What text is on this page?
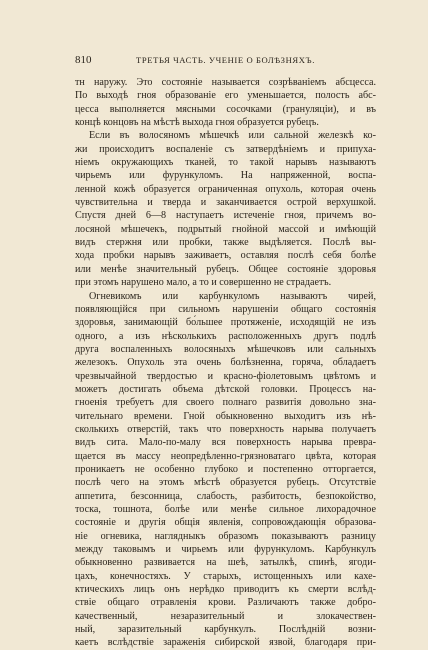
810	ТРЕТЬЯ ЧАСТЬ. УЧЕНІЕ О БОЛѢЗНЯХЪ.
тн наружу. Это состояніе называется созрѣваніемъ абсцесса.
По выходѣ гноя образованіе его уменьшается, полость абс-
цесса выполняется мясными сосочками (грануляціи), и въ
концѣ концовъ на мѣстѣ выхода гноя образуется рубецъ.
Если въ волосяномъ мѣшечкѣ или сальной железкѣ ко-
жи происходитъ воспаленіе съ затвердѣніемъ и припуха-
ніемъ окружающихъ тканей, то такой нарывъ называютъ
чирьемъ или фурункуломъ. На напряженной, воспа-
ленной кожѣ образуется ограниченная опухоль, которая очень
чувствительна и тверда и заканчивается острой верхушкой.
Спустя дней 6—8 наступаетъ истеченіе гноя, причемъ во-
лосяной мѣшечекъ, подрытый гнойной массой и имѣющій
видъ стержня или пробки, также выдѣляется. Послѣ вы-
хода пробки нарывъ заживаетъ, оставляя послѣ себя болѣе
или менѣе значительный рубецъ. Общее состояніе здоровья
при этомъ нарушено мало, а то и совершенно не страдаетъ.
Огневикомъ или карбункуломъ называютъ чирей,
появляющійся при сильномъ нарушеніи общаго состоянія
здоровья, занимающій бо́льшее протяженіе, исходящій не изъ
одного, а изъ нѣсколькихъ расположенныхъ другъ подлѣ
друга воспаленныхъ волосяныхъ мѣшечковъ или сальныхъ
железокъ. Опухоль эта очень болѣзненна, горяча, обладаетъ
чрезвычайной твердостью и красно-фіолетовымъ цвѣтомъ и
можетъ достигать объема дѣтской головки. Процессъ на-
гноенія требуетъ для своего полнаго развитія довольно зна-
чительнаго времени. Гной обыкновенно выходитъ изъ нѣ-
сколькихъ отверстій, такъ что поверхность нарыва получаетъ
видъ сита. Мало-по-малу вся поверхность нарыва превра-
щается въ массу неопредѣленно-грязноватаго цвѣта, которая
проникаетъ не особенно глубоко и постепенно отторгается,
послѣ чего на этомъ мѣстѣ образуется рубецъ. Отсутствіе
аппетита, безсонница, слабость, разбитость, безпокойство,
тоска, тошнота, болѣе или менѣе сильное лихорадочное
состояніе и другія общія явленія, сопровождающія образова-
ніе огневика, наглядныкъ образомъ показываютъ разницу
между таковымъ и чирьемъ или фурункуломъ. Карбункулъ
обыкновенно развивается на шеѣ, затылкѣ, спинѣ, ягоди-
цахъ, конечностяхъ. У старыхъ, истощенныхъ или кахе-
ктическихъ лицъ онъ нерѣдко приводитъ къ смерти вслѣд-
ствіе общаго отравленія крови. Различаютъ также добро-
качественный, незаразительный и злокачествен-
ный, заразительный карбункулъ. Послѣдній возни-
каетъ вслѣдствіе зараженія сибирской язвой, благодаря при-
